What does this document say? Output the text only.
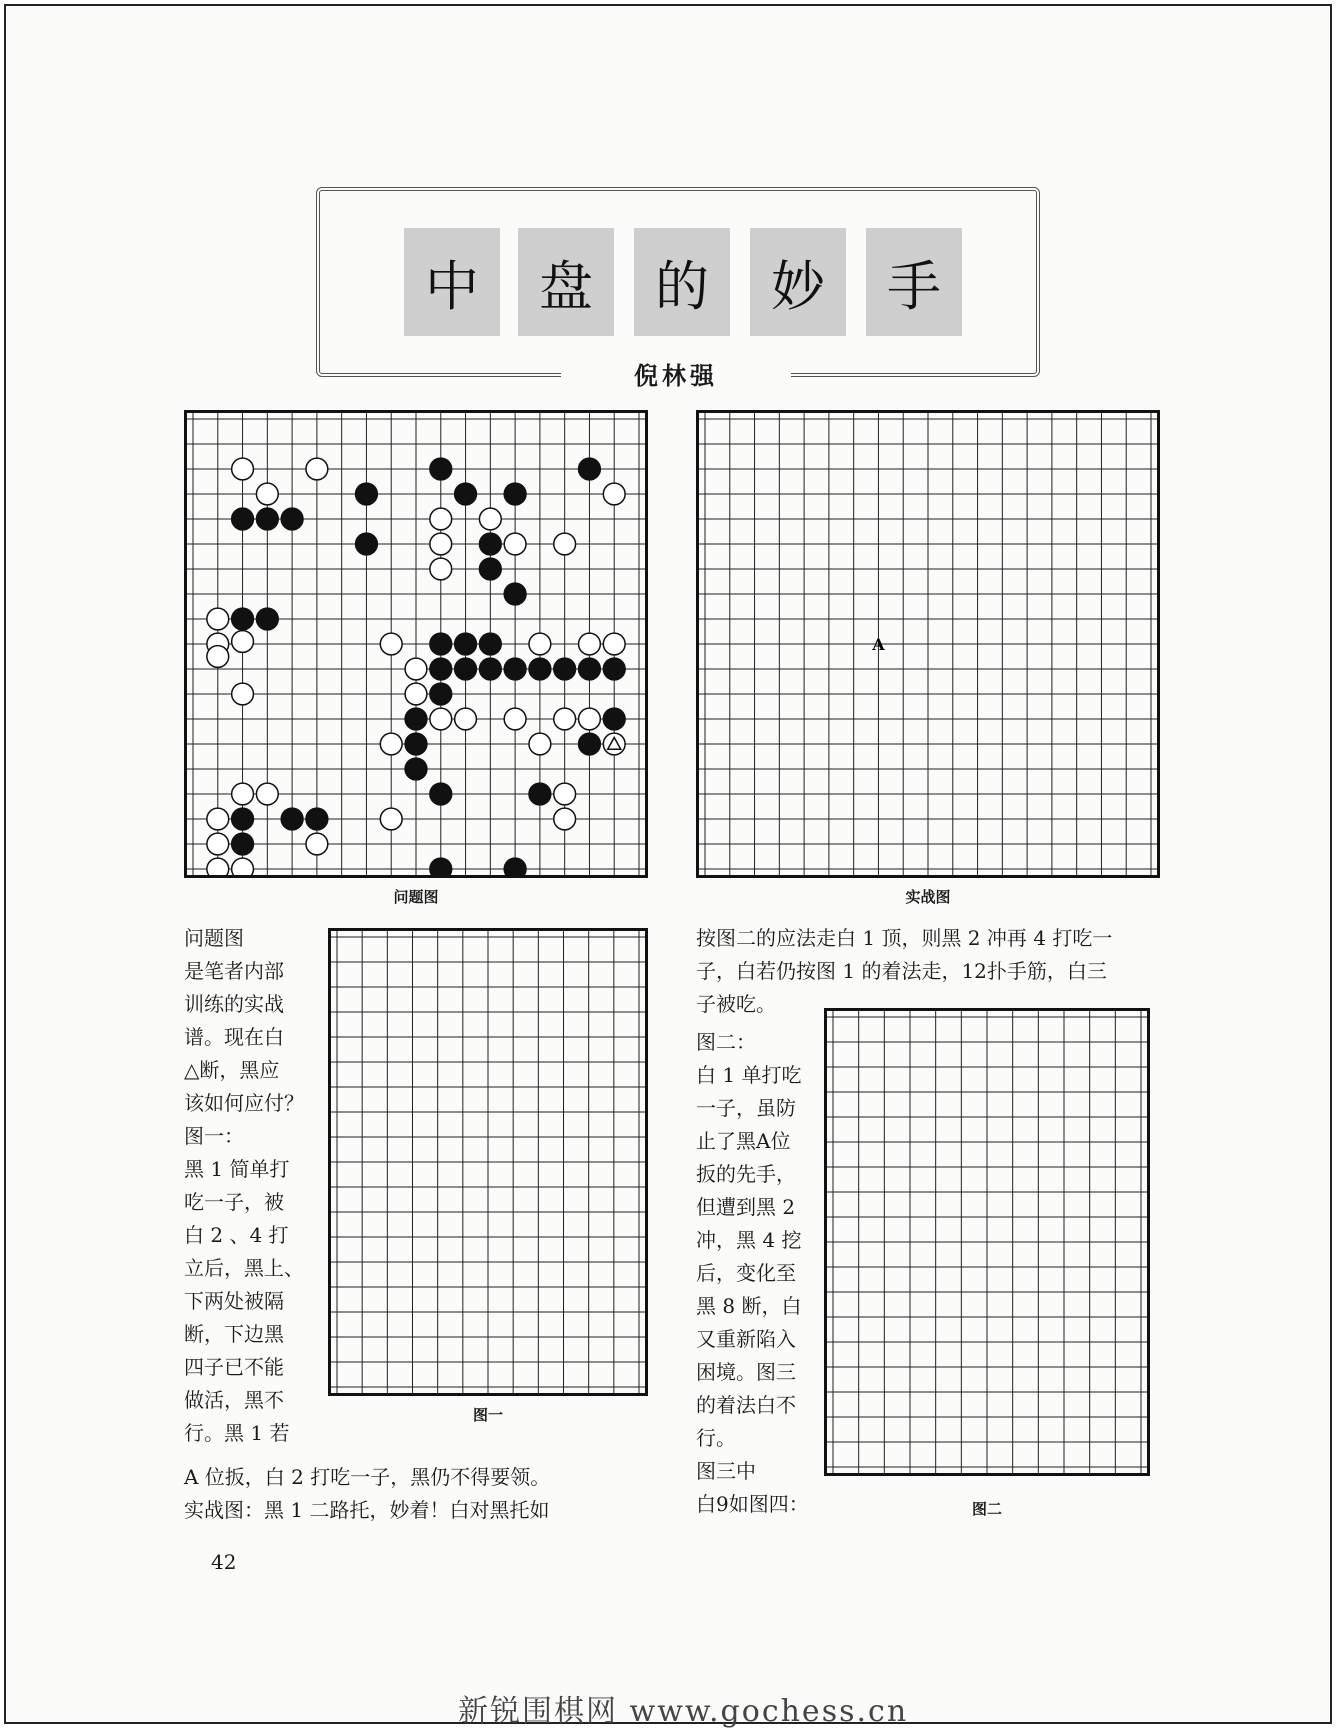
中	盘	的	妙	手
倪林强
问题图
A
实战图
图一
图二
问题图
是笔者内部
训练的实战
谱。现在白
△断，黑应
该如何应付？
图一：
黑 1 简单打
吃一子，被
白 2 、4 打
立后，黑上、
下两处被隔
断，下边黑
四子已不能
做活，黑不
行。黑 1 若
A 位扳，白 2 打吃一子，黑仍不得要领。
实战图：黑 1 二路托，妙着！白对黑托如
按图二的应法走白 1 顶，则黑 2 冲再 4 打吃一
子，白若仍按图 1 的着法走，12扑手筋，白三
子被吃。
图二：
白 1 单打吃
一子，虽防
止了黑A位
扳的先手，
但遭到黑 2
冲，黑 4 挖
后，变化至
黑 8 断，白
又重新陷入
困境。图三
的着法白不
行。
图三中
白9如图四：
42
新锐围棋网 www.gochess.cn
